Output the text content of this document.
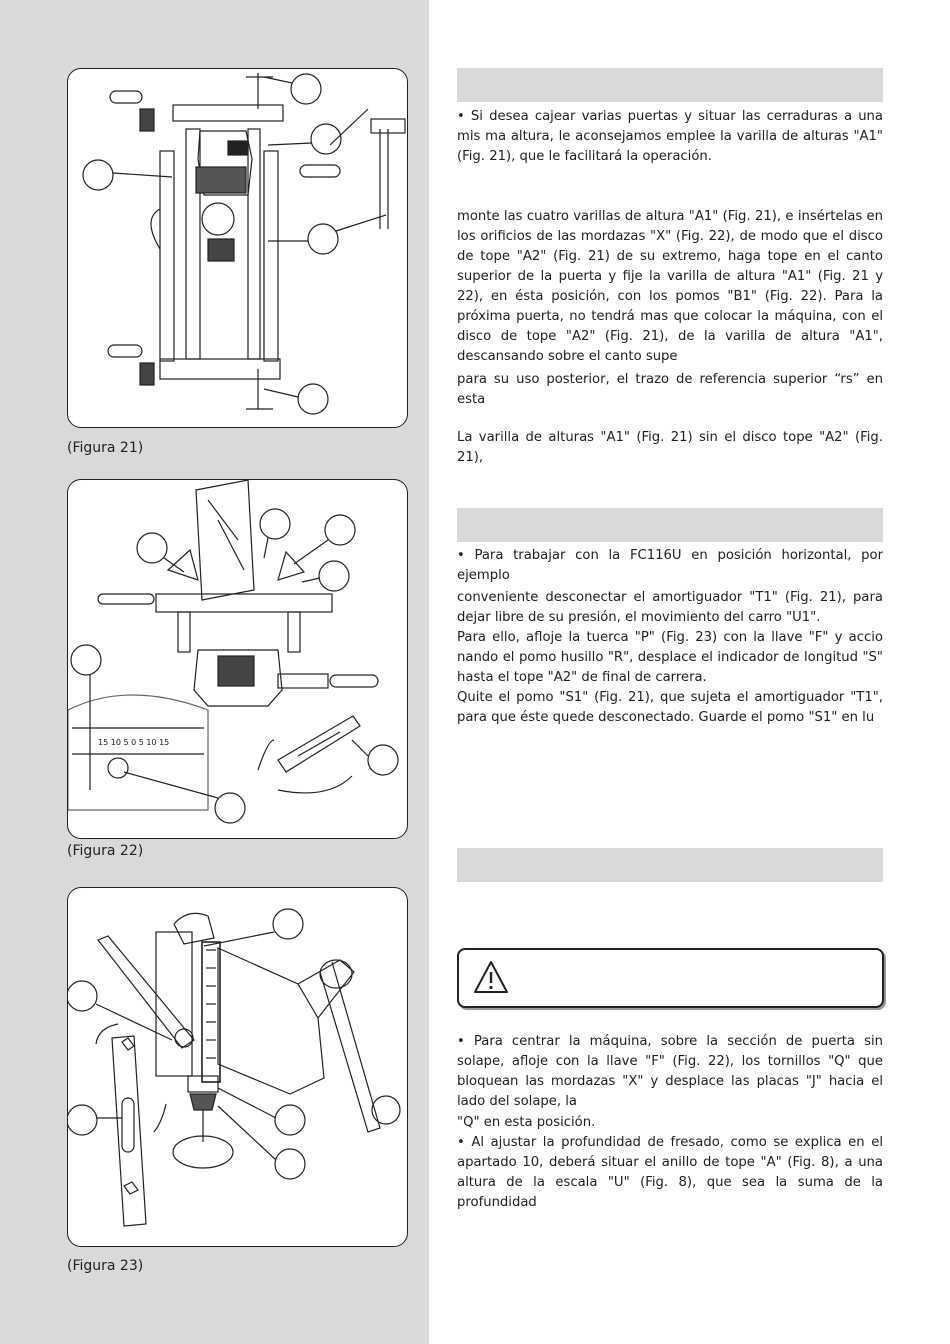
(Figura 21)
15 10 5 0 5 10 15
(Figura 22)
(Figura 23)
• Si desea cajear varias puertas y situar las cerraduras a una mis ma altura, le aconsejamos emplee la varilla de alturas "A1" (Fig. 21), que le facilitará la operación.
monte las cuatro varillas de altura "A1" (Fig. 21), e insértelas en los orificios de las mordazas "X" (Fig. 22), de modo que el disco de tope "A2" (Fig. 21) de su extremo, haga tope en el canto superior de la puerta y fije la varilla de altura "A1" (Fig. 21 y 22), en ésta posición, con los pomos "B1" (Fig. 22). Para la próxima puerta, no tendrá mas que colocar la máquina, con el disco de tope "A2" (Fig. 21), de la varilla de altura "A1", descansando sobre el canto supe
para su uso posterior, el trazo de referencia superior “rs” en esta
La varilla de alturas "A1" (Fig. 21) sin el disco tope "A2" (Fig. 21),
• Para trabajar con la FC116U en posición horizontal, por ejemplo
conveniente desconectar el amortiguador "T1" (Fig. 21), para dejar libre de su presión, el movimiento del carro "U1".
Para ello, afloje la tuerca "P" (Fig. 23) con la llave "F" y accio nando el pomo husillo "R", desplace el indicador de longitud "S" hasta el tope "A2" de final de carrera.
Quite el pomo "S1" (Fig. 21), que sujeta el amortiguador "T1", para que éste quede desconectado. Guarde el pomo "S1" en lu
• Para centrar la máquina, sobre la sección de puerta sin solape, afloje con la llave "F" (Fig. 22), los tornillos "Q" que bloquean las mordazas "X" y desplace las placas "J" hacia el lado del solape, la
"Q" en esta posición.
• Al ajustar la profundidad de fresado, como se explica en el apartado 10, deberá situar el anillo de tope "A" (Fig. 8), a una altura de la escala "U" (Fig. 8), que sea la suma de la profundidad
